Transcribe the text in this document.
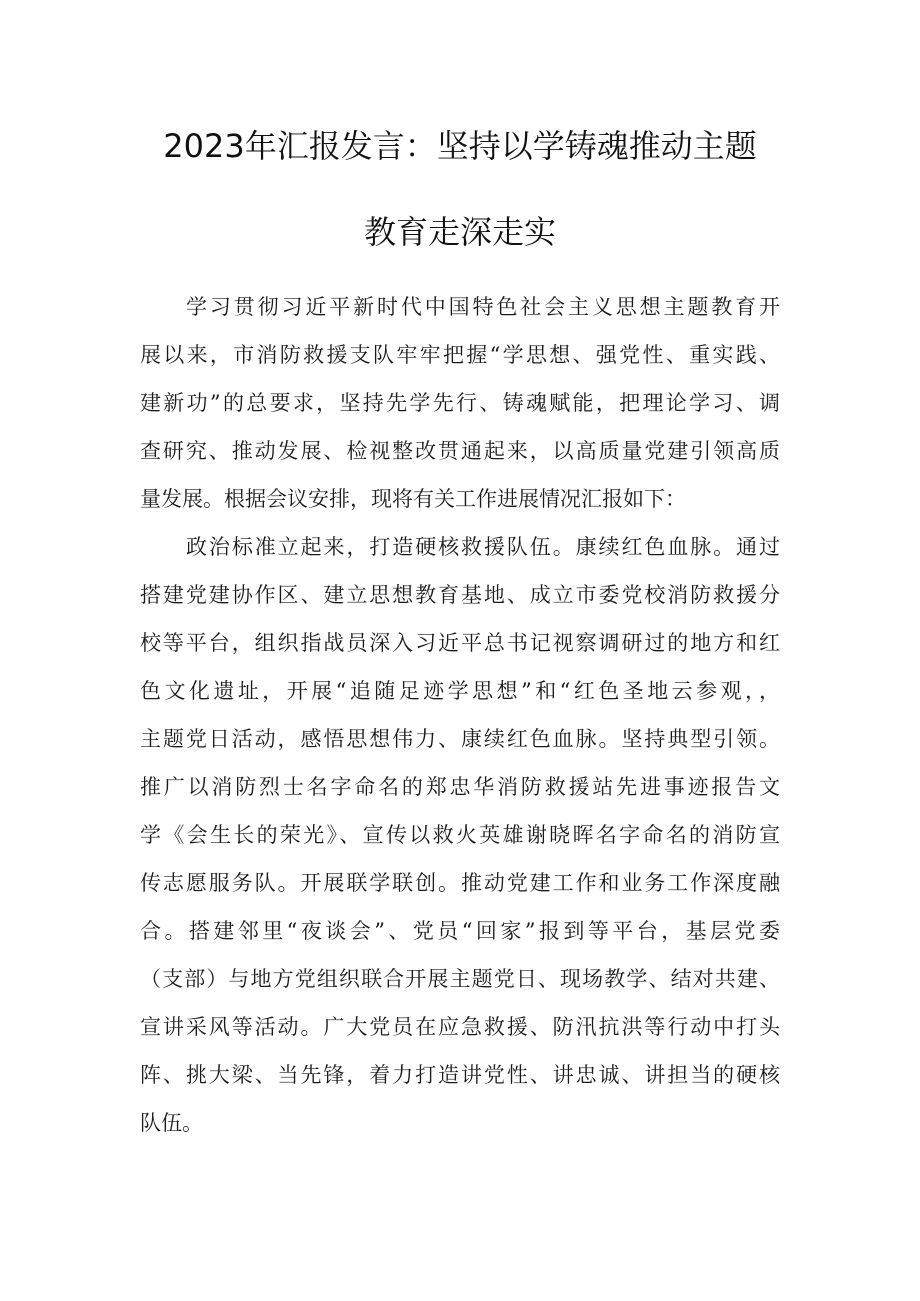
2023年汇报发言：坚持以学铸魂推动主题
教育走深走实
学习贯彻习近平新时代中国特色社会主义思想主题教育开
展以来，市消防救援支队牢牢把握“学思想、强党性、重实践、
建新功”的总要求，坚持先学先行、铸魂赋能，把理论学习、调
查研究、推动发展、检视整改贯通起来，以高质量党建引领高质
量发展。根据会议安排，现将有关工作进展情况汇报如下：
政治标准立起来，打造硬核救援队伍。康续红色血脉。通过
搭建党建协作区、建立思想教育基地、成立市委党校消防救援分
校等平台，组织指战员深入习近平总书记视察调研过的地方和红
色文化遗址，开展“追随足迹学思想”和“红色圣地云参观，，
主题党日活动，感悟思想伟力、康续红色血脉。坚持典型引领。
推广以消防烈士名字命名的郑忠华消防救援站先进事迹报告文
学《会生长的荣光》、宣传以救火英雄谢晓晖名字命名的消防宣
传志愿服务队。开展联学联创。推动党建工作和业务工作深度融
合。搭建邻里“夜谈会”、党员“回家”报到等平台，基层党委
（支部）与地方党组织联合开展主题党日、现场教学、结对共建、
宣讲采风等活动。广大党员在应急救援、防汛抗洪等行动中打头
阵、挑大梁、当先锋，着力打造讲党性、讲忠诚、讲担当的硬核
队伍。
